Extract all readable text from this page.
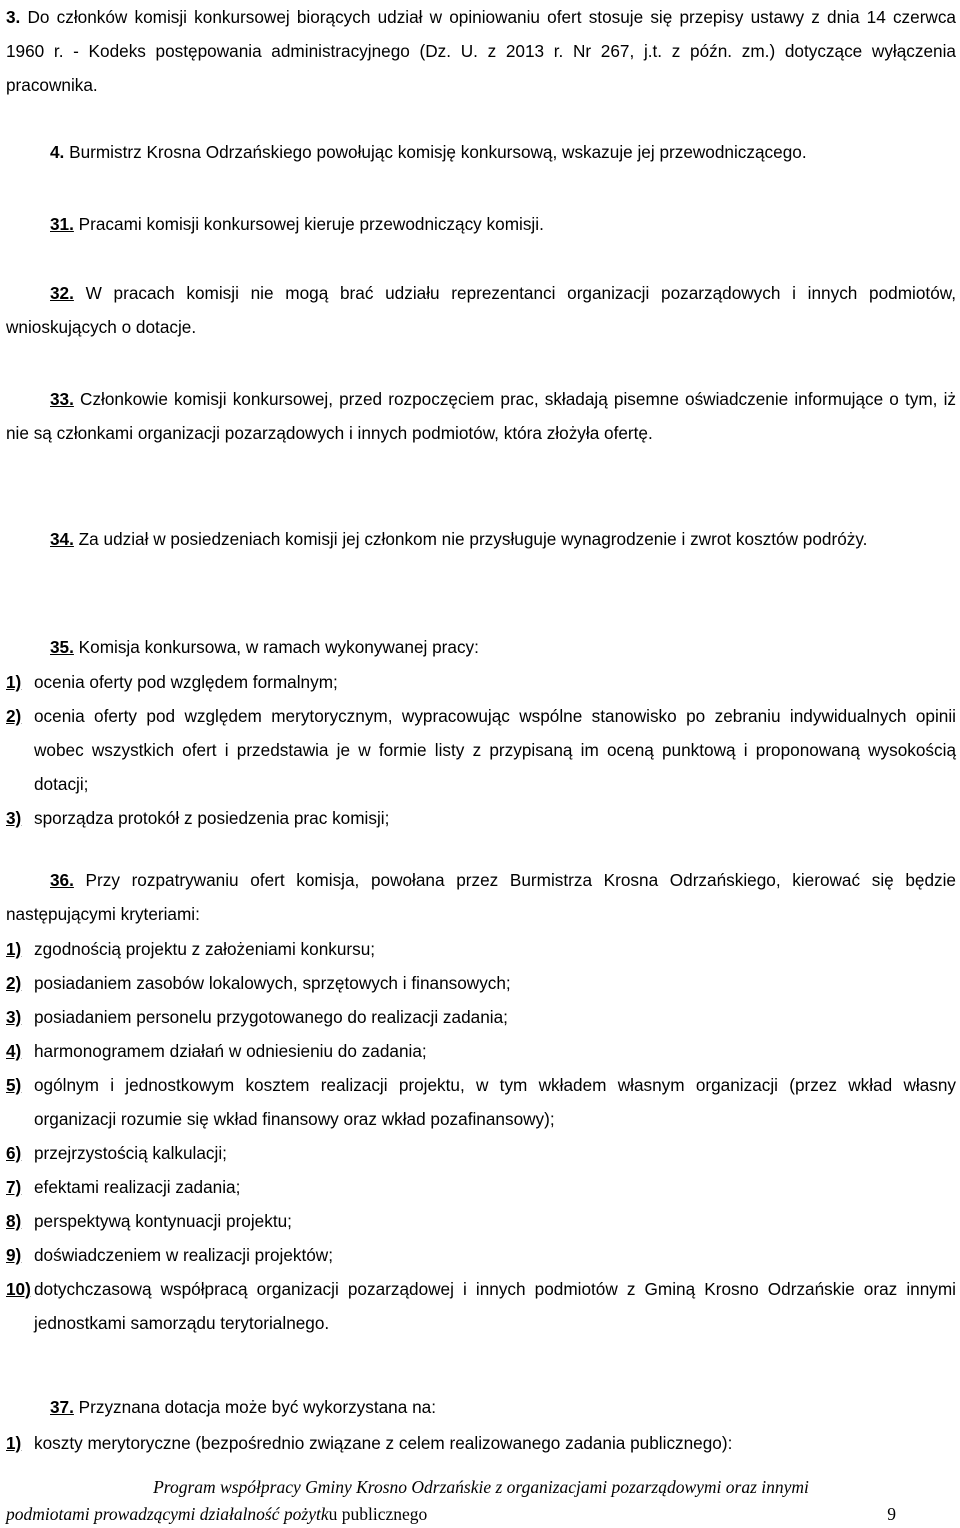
3. Do członków komisji konkursowej biorących udział w opiniowaniu ofert stosuje się przepisy ustawy z dnia 14 czerwca 1960 r. - Kodeks postępowania administracyjnego (Dz. U. z 2013 r. Nr 267, j.t. z późn. zm.) dotyczące wyłączenia pracownika.

4. Burmistrz Krosna Odrzańskiego powołując komisję konkursową, wskazuje jej przewodniczącego.

31. Pracami komisji konkursowej kieruje przewodniczący komisji.

32. W pracach komisji nie mogą brać udziału reprezentanci organizacji pozarządowych i innych podmiotów, wnioskujących o dotacje.

33. Członkowie komisji konkursowej, przed rozpoczęciem prac, składają pisemne oświadczenie informujące o tym, iż nie są członkami organizacji pozarządowych i innych podmiotów, która złożyła ofertę.

34. Za udział w posiedzeniach komisji jej członkom nie przysługuje wynagrodzenie i zwrot kosztów podróży.

35. Komisja konkursowa, w ramach wykonywanej pracy:

1) ocenia oferty pod względem formalnym;
2) ocenia oferty pod względem merytorycznym, wypracowując wspólne stanowisko po zebraniu indywidualnych opinii wobec wszystkich ofert i przedstawia je w formie listy z przypisaną im oceną punktową i proponowaną wysokością dotacji;
3) sporządza protokół z posiedzenia prac komisji;

36. Przy rozpatrywaniu ofert komisja, powołana przez Burmistrza Krosna Odrzańskiego, kierować się będzie następującymi kryteriami:

1) zgodnością projektu z założeniami konkursu;
2) posiadaniem zasobów lokalowych, sprzętowych i finansowych;
3) posiadaniem personelu przygotowanego do realizacji zadania;
4) harmonogramem działań w odniesieniu do zadania;
5) ogólnym i jednostkowym kosztem realizacji projektu, w tym wkładem własnym organizacji (przez wkład własny organizacji rozumie się wkład finansowy oraz wkład pozafinansowy);
6) przejrzystością kalkulacji;
7) efektami realizacji zadania;
8) perspektywą kontynuacji projektu;
9) doświadczeniem w realizacji projektów;
10) dotychczasową współpracą organizacji pozarządowej i innych podmiotów z Gminą Krosno Odrzańskie oraz innymi jednostkami samorządu terytorialnego.

37. Przyznana dotacja może być wykorzystana na:

1) koszty merytoryczne (bezpośrednio związane z celem realizowanego zadania publicznego):
Program współpracy Gminy Krosno Odrzańskie z organizacjami pozarządowymi oraz innymi
podmiotami prowadzącymi działalność pożytku publicznego	9
